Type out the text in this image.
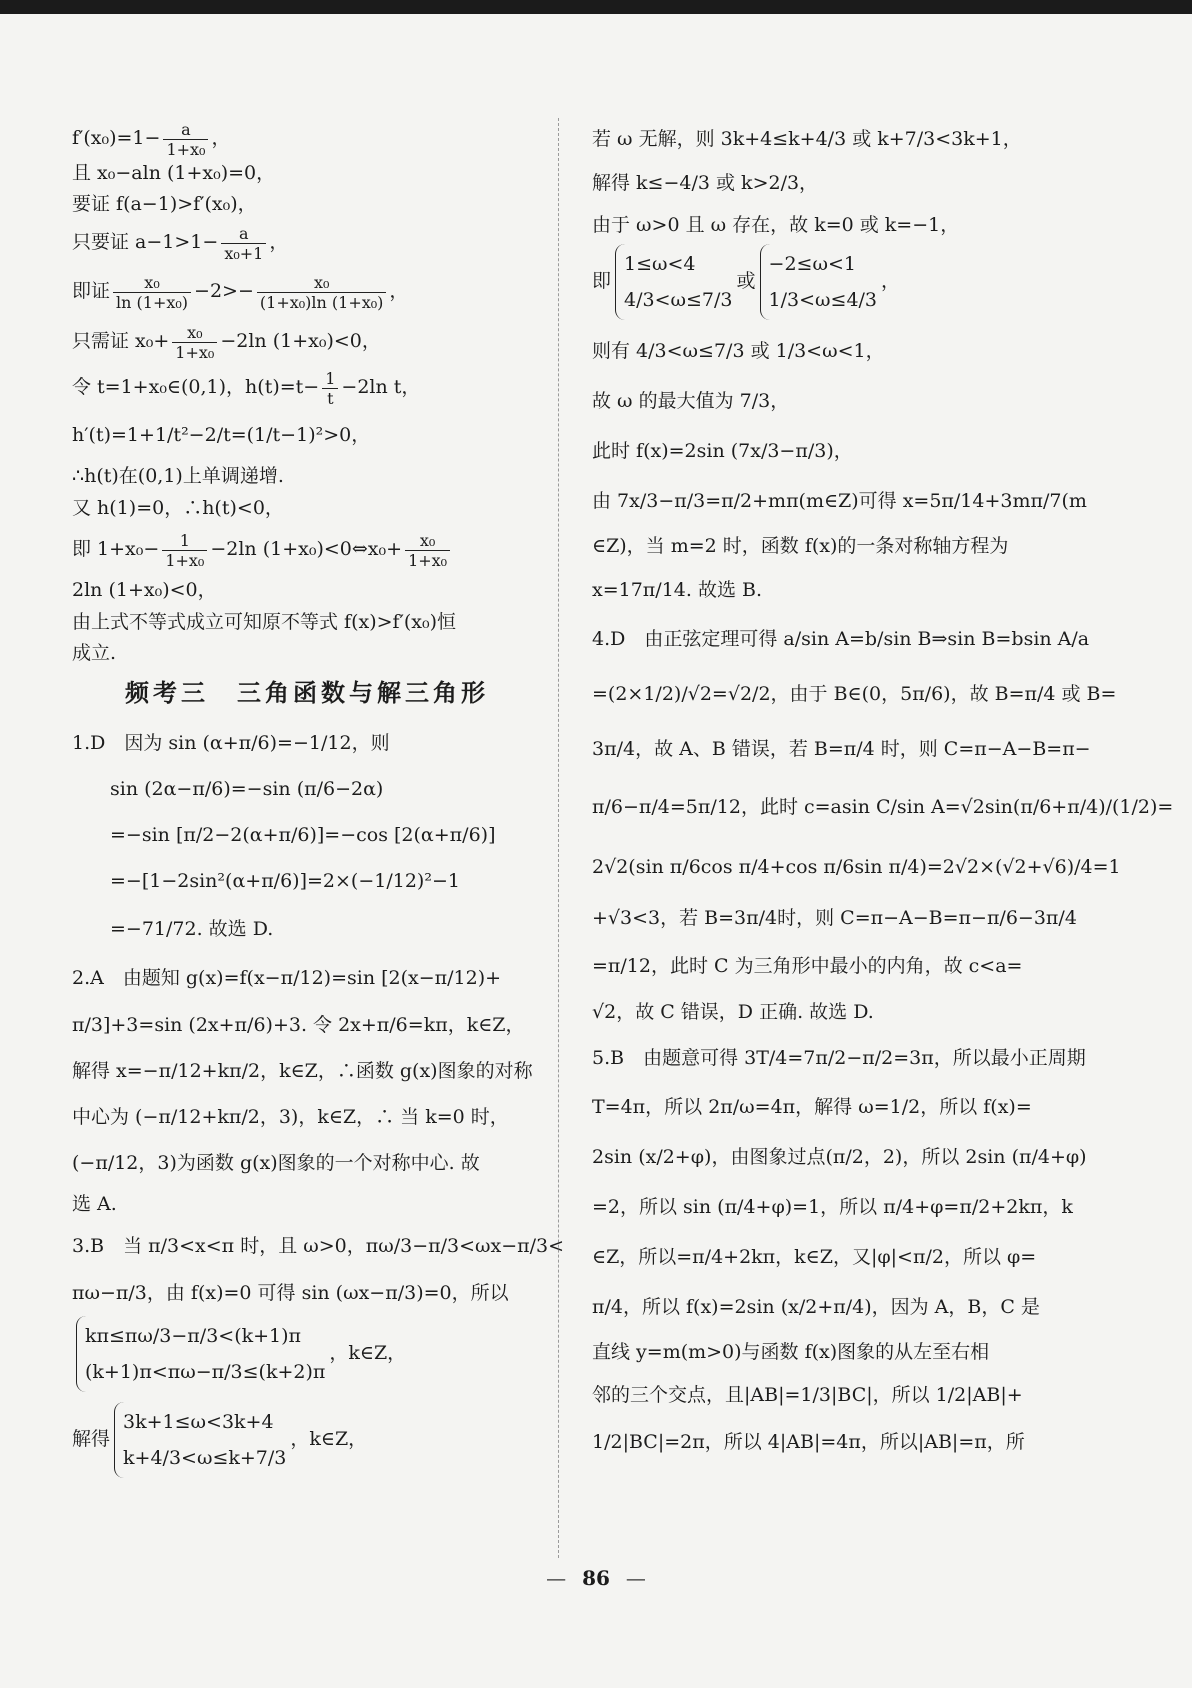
$f'(x_0)=1- \frac{a}{\text{1+x₀}}$ ，
且 x₀−aln (1+x₀)=0，
要证 f(a−1)>f′(x₀)，
只要证 $a-1>1- \frac{a}{\text{x₀+1}}$ ，
即证 $\frac{\text{x₀}}{\text{ln (1+x₀)}} -2>- \frac{\text{x₀}}{\text{(1+x₀)ln (1+x₀)}}$ ，
只需证 $x_0+ \frac{\text{x₀}}{\text{1+x₀}} -2\ln$ (1+x₀)<0，
令 t=1+x₀∈(0,1)，$h(t)=t- \frac{1}{t} -2\ln$ t，
h′(t)=1+1/t²−2/t=(1/t−1)²>0，
∴h(t)在(0,1)上单调递增.
又 h(1)=0，∴h(t)<0，
即 $1+x_0- \frac{1}{\text{1+x₀}} -2\ln$ (1+x₀)<0⇔x₀+ $\frac{\text{x₀}}{\text{1+x₀}}$
2ln (1+x₀)<0，
由上式不等式成立可知原不等式 f(x)>f′(x₀)恒
成立.
频考三　三角函数与解三角形
1.D　因为 sin (α+π/6)=−1/12，则
sin (2α−π/6)=−sin (π/6−2α)
=−sin [π/2−2(α+π/6)]=−cos [2(α+π/6)]
=−[1−2sin²(α+π/6)]=2×(−1/12)²−1
=−71/72. 故选 D.
2.A　由题知 g(x)=f(x−π/12)=sin [2(x−π/12)+
π/3]+3=sin (2x+π/6)+3. 令 2x+π/6=kπ，k∈Z，
解得 x=−π/12+kπ/2，k∈Z，∴函数 g(x)图象的对称
中心为 (−π/12+kπ/2，3)，k∈Z，∴ 当 k=0 时，
(−π/12，3)为函数 g(x)图象的一个对称中心. 故
选 A.
3.B　当 π/3<x<π 时，且 ω>0，πω/3−π/3<ωx−π/3<
πω−π/3，由 f(x)=0 可得 sin (ωx−π/3)=0，所以
kπ≤πω/3−π/3<(k+1)π
(k+1)π<πω−π/3≤(k+2)π
，k∈Z，
解得
3k+1≤ω<3k+4
k+4/3<ω≤k+7/3
，k∈Z，
若 ω 无解，则 3k+4≤k+4/3 或 k+7/3<3k+1，
解得 k≤−4/3 或 k>2/3，
由于 ω>0 且 ω 存在，故 k=0 或 k=−1，
即
1≤ω<4
4/3<ω≤7/3
或
−2≤ω<1
1/3<ω≤4/3
，
则有 4/3<ω≤7/3 或 1/3<ω<1，
故 ω 的最大值为 7/3，
此时 f(x)=2sin (7x/3−π/3)，
由 7x/3−π/3=π/2+mπ(m∈Z)可得 x=5π/14+3mπ/7(m
∈Z)，当 m=2 时，函数 f(x)的一条对称轴方程为
x=17π/14. 故选 B.
4.D　由正弦定理可得 a/sin A=b/sin B⇒sin B=bsin A/a
=(2×1/2)/√2=√2/2，由于 B∈(0，5π/6)，故 B=π/4 或 B=
3π/4，故 A、B 错误，若 B=π/4 时，则 C=π−A−B=π−
π/6−π/4=5π/12，此时 c=asin C/sin A=√2sin(π/6+π/4)/(1/2)=
2√2(sin π/6cos π/4+cos π/6sin π/4)=2√2×(√2+√6)/4=1
+√3<3，若 B=3π/4时，则 C=π−A−B=π−π/6−3π/4
=π/12，此时 C 为三角形中最小的内角，故 c<a=
√2，故 C 错误，D 正确. 故选 D.
5.B　由题意可得 3T/4=7π/2−π/2=3π，所以最小正周期
T=4π，所以 2π/ω=4π，解得 ω=1/2，所以 f(x)=
2sin (x/2+φ)，由图象过点(π/2，2)，所以 2sin (π/4+φ)
=2，所以 sin (π/4+φ)=1，所以 π/4+φ=π/2+2kπ，k
∈Z，所以=π/4+2kπ，k∈Z，又|φ|<π/2，所以 φ=
π/4，所以 f(x)=2sin (x/2+π/4)，因为 A，B，C 是
直线 y=m(m>0)与函数 f(x)图象的从左至右相
邻的三个交点，且|AB|=1/3|BC|，所以 1/2|AB|+
1/2|BC|=2π，所以 4|AB|=4π，所以|AB|=π，所
— 86 —
